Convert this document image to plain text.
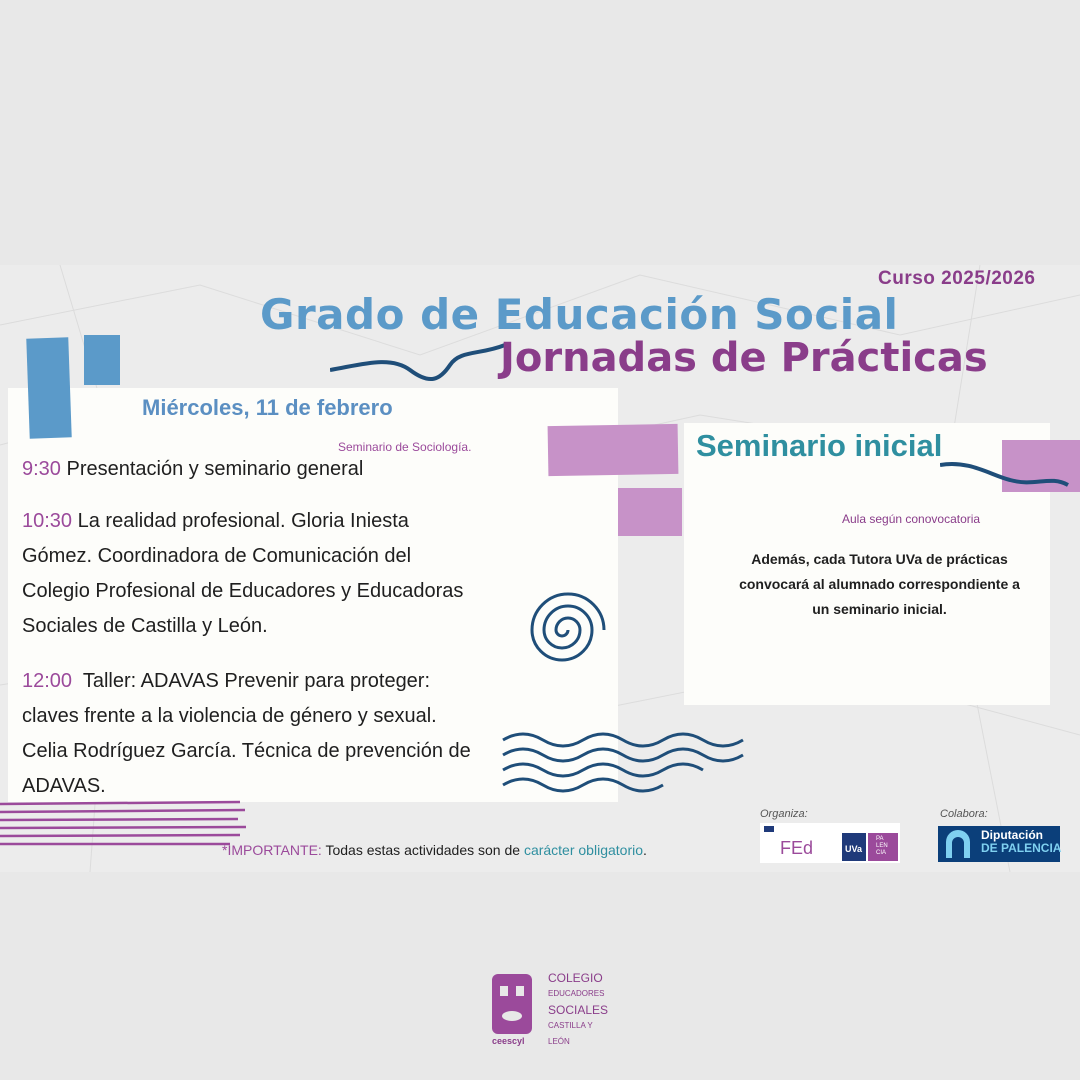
Curso 2025/2026
Grado de Educación Social
Jornadas de Prácticas
Miércoles, 11 de febrero
Seminario de Sociología.
9:30 Presentación y seminario general
10:30 La realidad profesional. Gloria Iniesta
Gómez. Coordinadora de Comunicación del
Colegio Profesional de Educadores y Educadoras
Sociales de Castilla y León.
12:00 Taller: ADAVAS Prevenir para proteger:
claves frente a la violencia de género y sexual.
Celia Rodríguez García. Técnica de prevención de
ADAVAS.
Seminario inicial
Aula según conovocatoria
Además, cada Tutora UVa de prácticas
convocará al alumnado correspondiente a
un seminario inicial.
*IMPORTANTE: Todas estas actividades son de carácter obligatorio.
Organiza:	Colabora:
FEd	UVa
PA
LEN
CIA
Diputación
DE PALENCIA
ceescyl
COLEGIO
EDUCADORES
SOCIALES
CASTILLA Y LEÓN
